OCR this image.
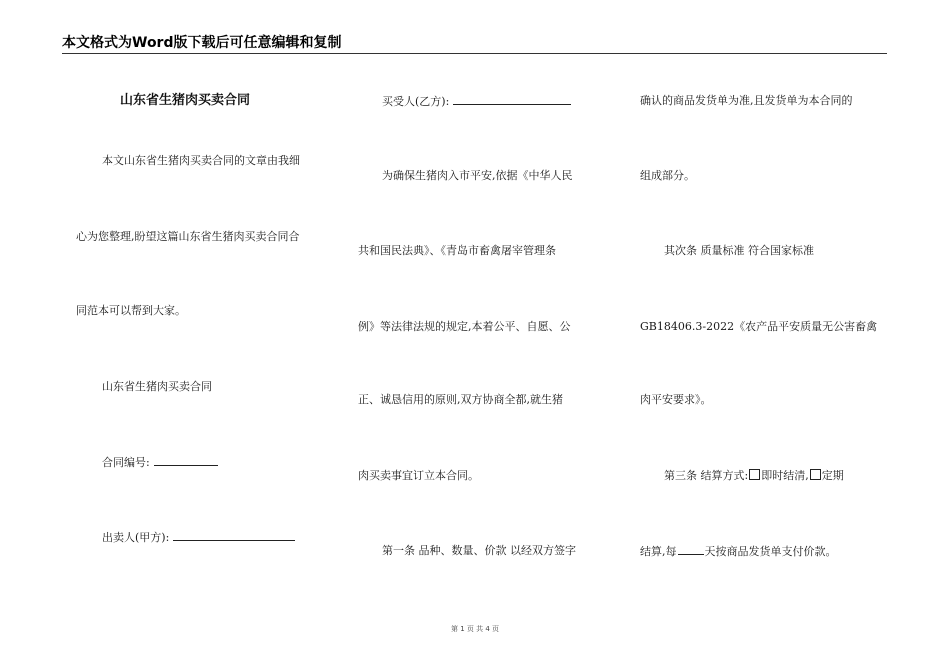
本文格式为Word版下载后可任意编辑和复制
山东省生猪肉买卖合同
本文山东省生猪肉买卖合同的文章由我细
心为您整理,盼望这篇山东省生猪肉买卖合同合
同范本可以帮到大家。
山东省生猪肉买卖合同
合同编号:
出卖人(甲方):
买受人(乙方):
为确保生猪肉入市平安,依据《中华人民
共和国民法典》、《青岛市畜禽屠宰管理条
例》等法律法规的规定,本着公平、自愿、公
正、诚恳信用的原则,双方协商全都,就生猪
肉买卖事宜订立本合同。
第一条 品种、数量、价款 以经双方签字
确认的商品发货单为准,且发货单为本合同的
组成部分。
其次条 质量标准 符合国家标准
GB18406.3-2022《农产品平安质量无公害畜禽
肉平安要求》。
第三条 结算方式: 即时结清, 定期
结算,每	天按商品发货单支付价款。
第 1 页 共 4 页
